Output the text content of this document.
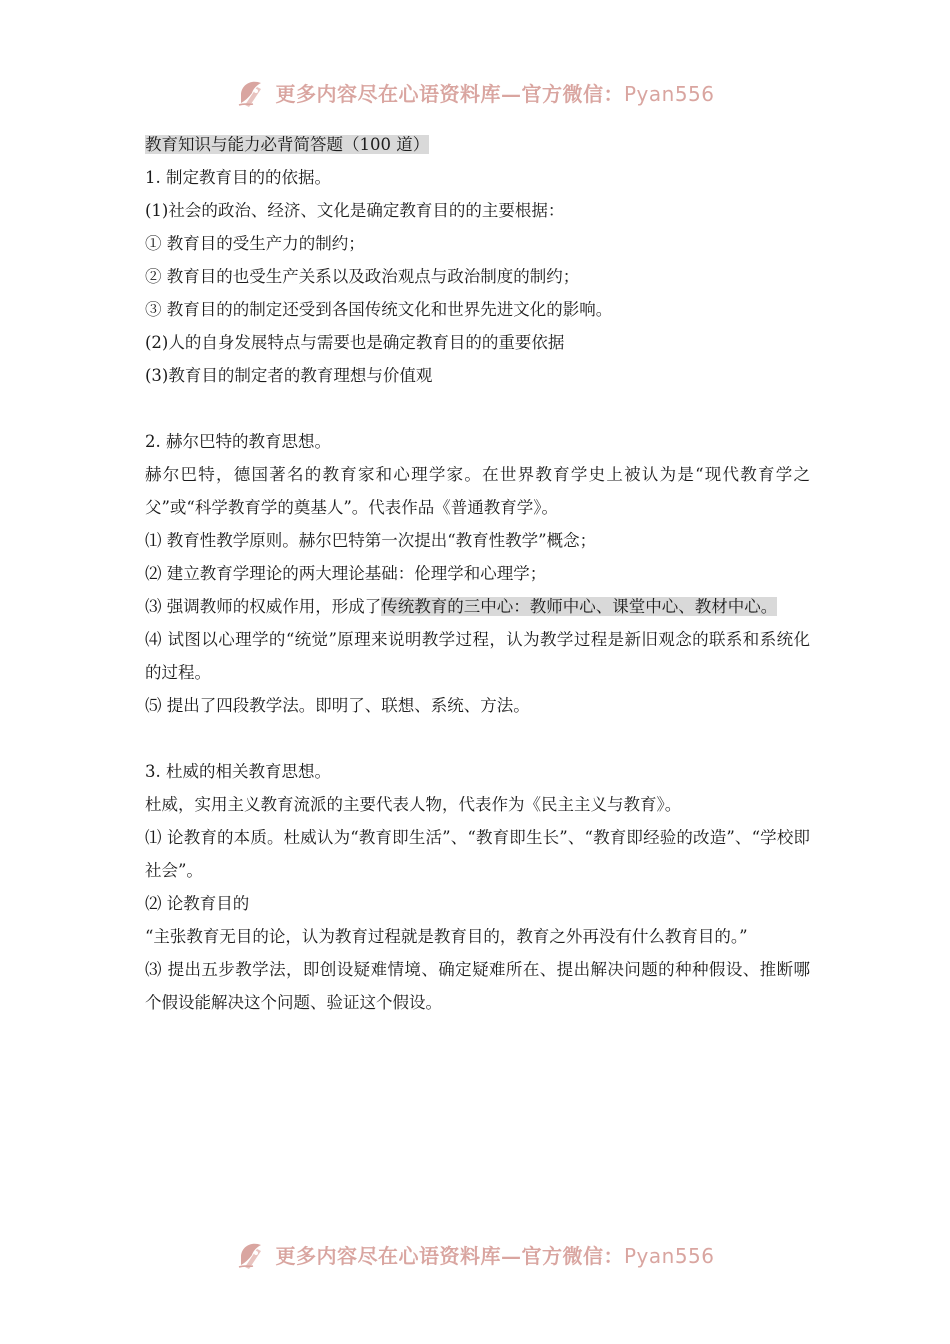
更多内容尽在心语资料库—官方微信：Pyan556
教育知识与能力必背简答题（100 道）
1. 制定教育目的的依据。
(1)社会的政治、经济、文化是确定教育目的的主要根据：
① 教育目的受生产力的制约；
② 教育目的也受生产关系以及政治观点与政治制度的制约；
③ 教育目的的制定还受到各国传统文化和世界先进文化的影响。
(2)人的自身发展特点与需要也是确定教育目的的重要依据
(3)教育目的制定者的教育理想与价值观
2. 赫尔巴特的教育思想。

赫尔巴特，德国著名的教育家和心理学家。在世界教育学史上被认为是“现代教育学之父”或“科学教育学的奠基人”。代表作品《普通教育学》。

⑴ 教育性教学原则。赫尔巴特第一次提出“教育性教学”概念；
⑵ 建立教育学理论的两大理论基础：伦理学和心理学；

⑶ 强调教师的权威作用，形成了传统教育的三中心：教师中心、课堂中心、教材中心。

⑷ 试图以心理学的“统觉”原理来说明教学过程，认为教学过程是新旧观念的联系和系统化的过程。

⑸ 提出了四段教学法。即明了、联想、系统、方法。
3. 杜威的相关教育思想。
杜威，实用主义教育流派的主要代表人物，代表作为《民主主义与教育》。

⑴ 论教育的本质。杜威认为“教育即生活”、“教育即生长”、“教育即经验的改造”、“学校即社会”。

⑵ 论教育目的

“主张教育无目的论，认为教育过程就是教育目的，教育之外再没有什么教育目的。”

⑶ 提出五步教学法，即创设疑难情境、确定疑难所在、提出解决问题的种种假设、推断哪个假设能解决这个问题、验证这个假设。

更多内容尽在心语资料库—官方微信：Pyan556
